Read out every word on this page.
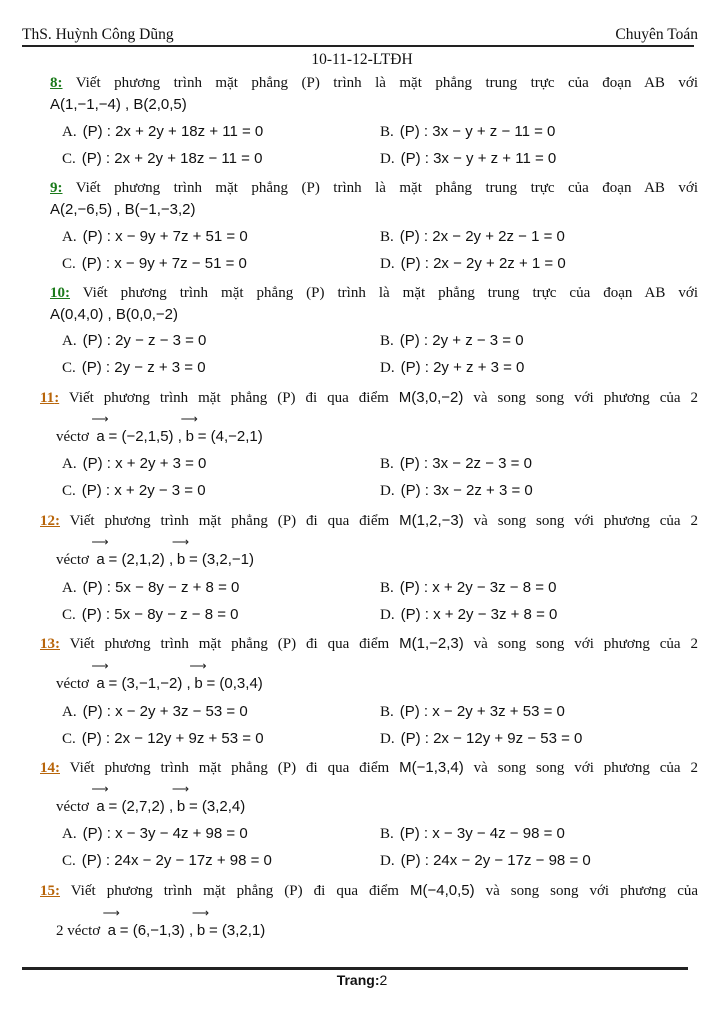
ThS. Huỳnh Công Dũng	Chuyên Toán
10-11-12-LTĐH
8: Viết phương trình mặt phẳng (P) trình là mặt phẳng trung trực của đoạn AB với
A(1,−1,−4) , B(2,0,5)
A. (P) : 2x + 2y + 18z + 11 = 0	B. (P) : 3x − y + z − 11 = 0
C. (P) : 2x + 2y + 18z − 11 = 0	D. (P) : 3x − y + z + 11 = 0
9: Viết phương trình mặt phẳng (P) trình là mặt phẳng trung trực của đoạn AB với
A(2,−6,5) , B(−1,−3,2)
A. (P) : x − 9y + 7z + 51 = 0	B. (P) : 2x − 2y + 2z − 1 = 0
C. (P) : x − 9y + 7z − 51 = 0	D. (P) : 2x − 2y + 2z + 1 = 0
10: Viết phương trình mặt phẳng (P) trình là mặt phẳng trung trực của đoạn AB với
A(0,4,0) , B(0,0,−2)
A. (P) : 2y − z − 3 = 0	B. (P) : 2y + z − 3 = 0
C. (P) : 2y − z + 3 = 0	D. (P) : 2y + z + 3 = 0
11: Viết phương trình mặt phẳng (P) đi qua điểm M(3,0,−2) và song song với phương của 2
véctơ
⟶
a = (−2,1,5) ,
⟶
b = (4,−2,1)
A. (P) : x + 2y + 3 = 0	B. (P) : 3x − 2z − 3 = 0
C. (P) : x + 2y − 3 = 0	D. (P) : 3x − 2z + 3 = 0
12: Viết phương trình mặt phẳng (P) đi qua điểm M(1,2,−3) và song song với phương của 2
véctơ
⟶
a = (2,1,2) ,
⟶
b = (3,2,−1)
A. (P) : 5x − 8y − z + 8 = 0	B. (P) : x + 2y − 3z − 8 = 0
C. (P) : 5x − 8y − z − 8 = 0	D. (P) : x + 2y − 3z + 8 = 0
13: Viết phương trình mặt phẳng (P) đi qua điểm M(1,−2,3) và song song với phương của 2
véctơ
⟶
a = (3,−1,−2) ,
⟶
b = (0,3,4)
A. (P) : x − 2y + 3z − 53 = 0	B. (P) : x − 2y + 3z + 53 = 0
C. (P) : 2x − 12y + 9z + 53 = 0	D. (P) : 2x − 12y + 9z − 53 = 0
14: Viết phương trình mặt phẳng (P) đi qua điểm M(−1,3,4) và song song với phương của 2
véctơ
⟶
a = (2,7,2) ,
⟶
b = (3,2,4)
A. (P) : x − 3y − 4z + 98 = 0	B. (P) : x − 3y − 4z − 98 = 0
C. (P) : 24x − 2y − 17z + 98 = 0	D. (P) : 24x − 2y − 17z − 98 = 0
15: Viết phương trình mặt phẳng (P) đi qua điểm M(−4,0,5) và song song với phương của
2 véctơ
⟶
a = (6,−1,3) ,
⟶
b = (3,2,1)
Trang:2
